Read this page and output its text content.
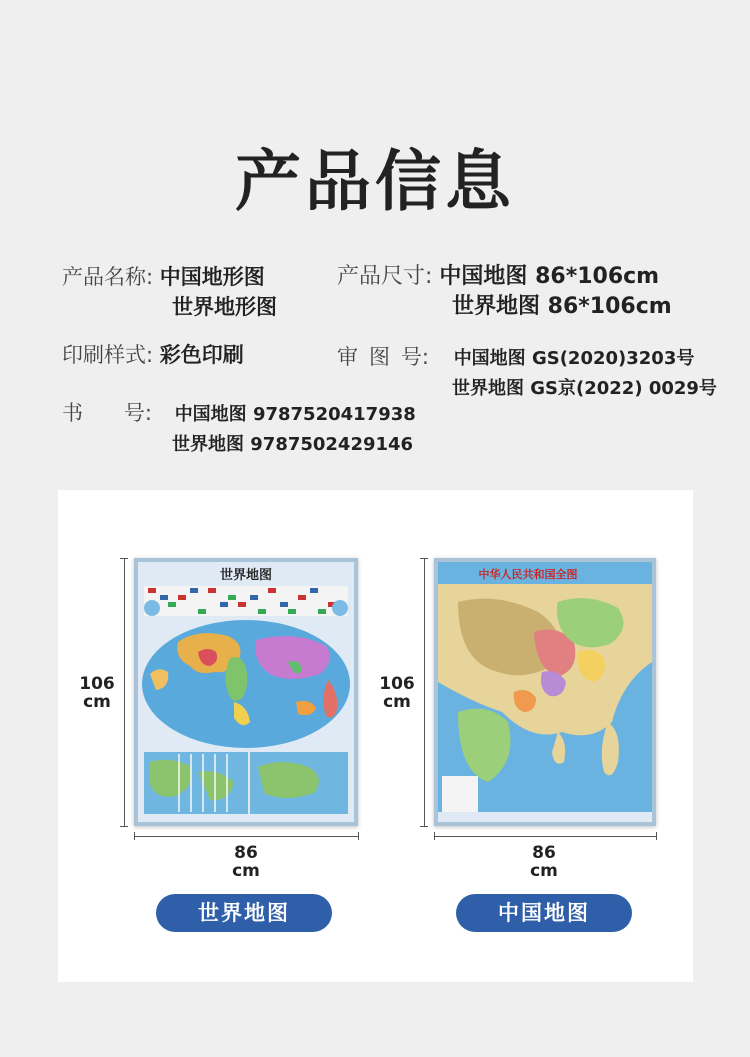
产品信息
产品名称: 中国地形图
世界地形图
产品尺寸: 中国地图 86*106cm
世界地图 86*106cm
印刷样式: 彩色印刷	审 图 号: 中国地图 GS(2020)3203号
世界地图 GS京(2022) 0029号
书 号: 中国地图 9787520417938
世界地图 9787502429146
世界地图
106
cm
86
cm
世界地图
中华人民共和国全图
106
cm
86
cm
中国地图
